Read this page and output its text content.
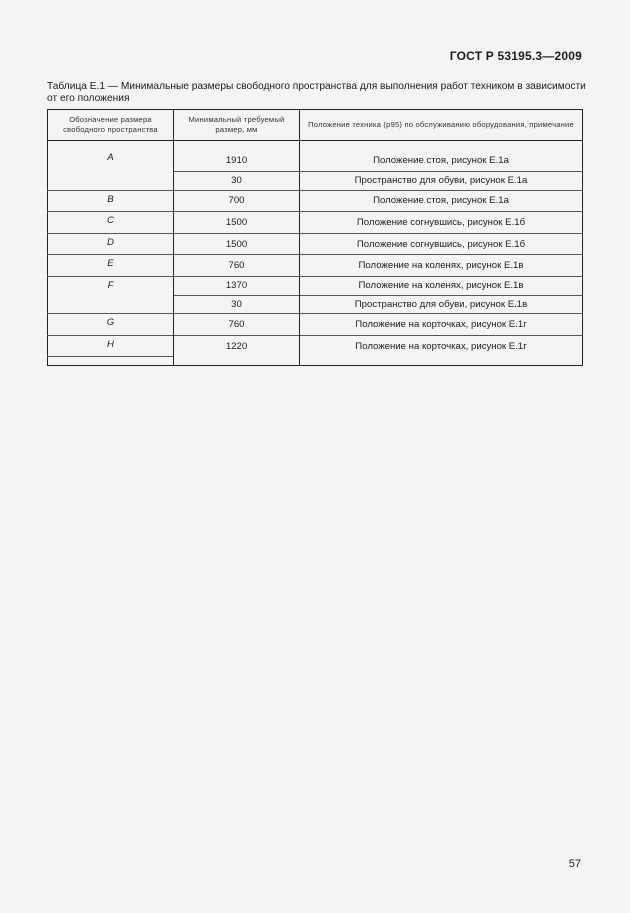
ГОСТ Р 53195.3—2009
Таблица Е.1 — Минимальные размеры свободного пространства для выполнения работ техником в зависимости от его положения
Обозначение размера свободного пространства	Минимальный требуемый размер, мм	Положение техника (р95) по обслуживанию оборудования, примечание

A	1910	Положение стоя, рисунок Е.1а
	30	Пространство для обуви, рисунок Е.1а
B	700	Положение стоя, рисунок Е.1а
C	1500	Положение согнувшись, рисунок Е.1б
D	1500	Положение согнувшись, рисунок Е.1б
E	760	Положение на коленях, рисунок Е.1в
F	1370	Положение на коленях, рисунок Е.1в
	30	Пространство для обуви, рисунок Е.1в
G	760	Положение на корточках, рисунок Е.1г
H	1220	Положение на корточках, рисунок Е.1г

57
